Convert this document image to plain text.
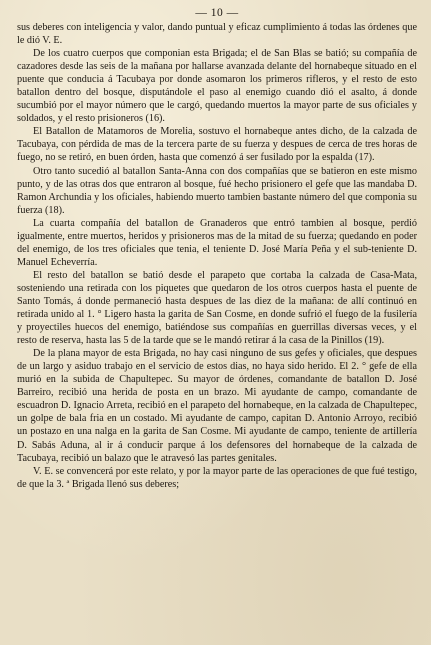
— 10 —

sus deberes con inteligencia y valor, dando puntual y eficaz cumplimiento á todas las órdenes que le dió V. E.

De los cuatro cuerpos que componian esta Brigada; el de San Blas se batió; su compañía de cazadores desde las seis de la mañana por hallarse avanzada delante del hornabeque situado en el puente que conducia á Tacubaya por donde asomaron los primeros rifleros, y el resto de esto batallon dentro del bosque, disputándole el paso al enemigo cuando dió el asalto, á donde sucumbió por el mayor número que le cargó, quedando muertos la mayor parte de sus oficiales y soldados, y el resto prisioneros (16).

El Batallon de Matamoros de Morelia, sostuvo el hornabeque antes dicho, de la calzada de Tacubaya, con pérdida de mas de la tercera parte de su fuerza y despues de cerca de tres horas de fuego, no se retiró, en buen órden, hasta que comenzó á ser fusilado por la espalda (17).

Otro tanto sucedió al batallon Santa-Anna con dos compañías que se batieron en este mismo punto, y de las otras dos que entraron al bosque, fué hecho prisionero el gefe que las mandaba D. Ramon Archundia y los oficiales, habiendo muerto tambien bastante número del que componia su fuerza (18).

La cuarta compañía del batallon de Granaderos que entró tambien al bosque, perdió igualmente, entre muertos, heridos y prisioneros mas de la mitad de su fuerza; quedando en poder del enemigo, de los tres oficiales que tenia, el teniente D. José María Peña y el sub-teniente D. Manuel Echeverría.

El resto del batallon se batió desde el parapeto que cortaba la calzada de Casa-Mata, sosteniendo una retirada con los piquetes que quedaron de los otros cuerpos hasta el puente de Santo Tomás, á donde permaneció hasta despues de las diez de la mañana: de allí continuó en retirada unido al 1. ° Ligero hasta la garita de San Cosme, en donde sufrió el fuego de la fusilería y proyectiles huecos del enemigo, batiéndose sus compañías en guerrillas diversas veces, y el resto de reserva, hasta las 5 de la tarde que se le mandó retirar á la casa de la Pinillos (19).

De la plana mayor de esta Brigada, no hay casi ninguno de sus gefes y oficiales, que despues de un largo y asiduo trabajo en el servicio de estos dias, no haya sido herido. El 2. ° gefe de ella murió en la subida de Chapultepec. Su mayor de órdenes, comandante de batallon D. José Barreiro, recibió una herida de posta en un brazo. Mi ayudante de campo, comandante de escuadron D. Ignacio Arreta, recibió en el parapeto del hornabeque, en la calzada de Chapultepec, un golpe de bala fria en un costado. Mi ayudante de campo, capitan D. Antonio Arroyo, recibió un postazo en una nalga en la garita de San Cosme. Mi ayudante de campo, teniente de artillería D. Sabás Aduna, al ir á conducir parque á los defensores del hornabeque de la calzada de Tacubaya, recibió un balazo que le atravesó las partes genitales.

V. E. se convencerá por este relato, y por la mayor parte de las operaciones de que fué testigo, de que la 3. ª Brigada llenó sus deberes;
